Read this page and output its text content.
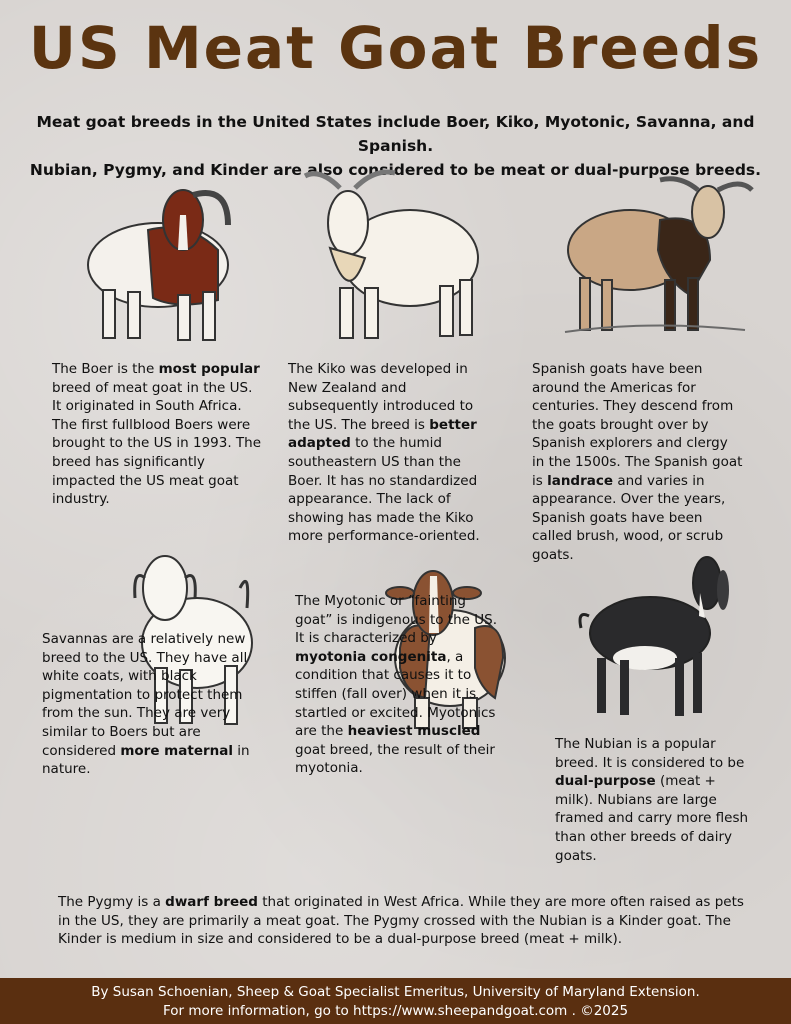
US Meat Goat Breeds
Meat goat breeds in the United States include Boer, Kiko, Myotonic, Savanna, and Spanish.
Nubian, Pygmy, and Kinder are also considered to be meat or dual-purpose breeds.

The Boer is the most popular breed of meat goat in the US. It originated in South Africa. The first fullblood Boers were brought to the US in 1993. The breed has significantly impacted the US meat goat industry.

The Kiko was developed in New Zealand and subsequently introduced to the US. The breed is better adapted to the humid southeastern US than the Boer. It has no standardized appearance. The lack of showing has made the Kiko more performance-oriented.

Spanish goats have been around the Americas for centuries. They descend from the goats brought over by Spanish explorers and clergy in the 1500s. The Spanish goat is landrace and varies in appearance. Over the years, Spanish goats have been called brush, wood, or scrub goats.

Savannas are a relatively new breed to the US. They have all white coats, with black pigmentation to protect them from the sun. They are very similar to Boers but are considered more maternal in nature.

The Myotonic or “fainting goat” is indigenous to the US. It is characterized by myotonia congenita, a condition that causes it to stiffen (fall over) when it is startled or excited. Myotonics are the heaviest muscled goat breed, the result of their myotonia.

The Nubian is a popular breed. It is considered to be dual-purpose (meat + milk). Nubians are large framed and carry more flesh than other breeds of dairy goats.

The Pygmy is a dwarf breed that originated in West Africa. While they are more often raised as pets in the US, they are primarily a meat goat. The Pygmy crossed with the Nubian is a Kinder goat. The Kinder is medium in size and considered to be a dual-purpose breed (meat + milk).

By Susan Schoenian, Sheep & Goat Specialist Emeritus, University of Maryland Extension.
For more information, go to https://www.sheepandgoat.com . ©2025
